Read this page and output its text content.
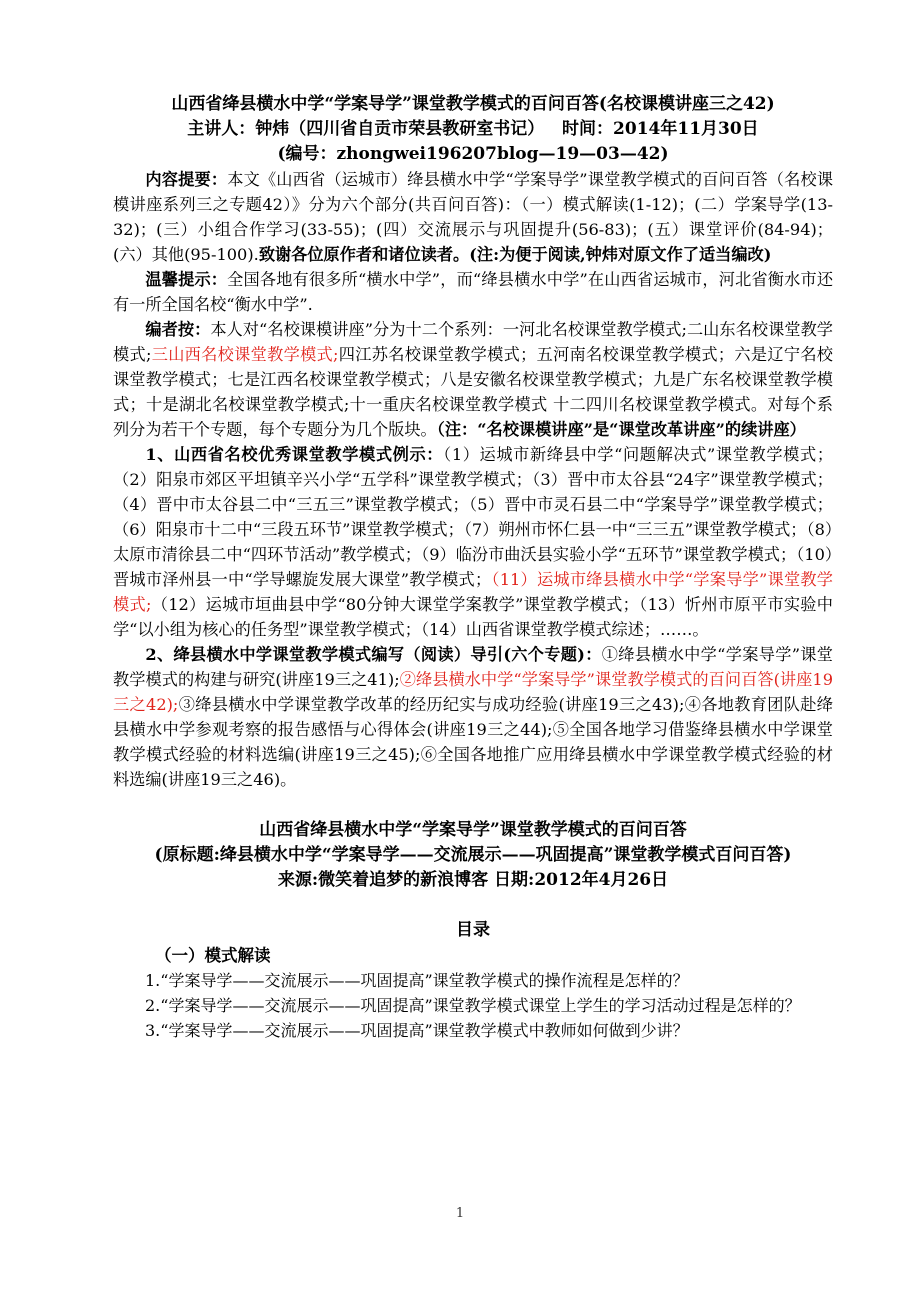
山西省绛县横水中学“学案导学”课堂教学模式的百问百答(名校课模讲座三之42)
主讲人：钟炜（四川省自贡市荣县教研室书记）   时间：2014年11月30日
(编号：zhongwei196207blog—19—03—42)

内容提要：本文《山西省（运城市）绛县横水中学“学案导学”课堂教学模式的百问百答（名校课模讲座系列三之专题42）》分为六个部分(共百问百答)：（一）模式解读(1-12)；(二）学案导学(13-32)；(三）小组合作学习(33-55)；(四）交流展示与巩固提升(56-83)；(五）课堂评价(84-94)；(六）其他(95-100).致谢各位原作者和诸位读者。(注:为便于阅读,钟炜对原文作了适当编改)

温馨提示：全国各地有很多所“横水中学”，而“绛县横水中学”在山西省运城市，河北省衡水市还有一所全国名校“衡水中学”.

编者按：本人对“名校课模讲座”分为十二个系列：一河北名校课堂教学模式;二山东名校课堂教学模式;三山西名校课堂教学模式;四江苏名校课堂教学模式；五河南名校课堂教学模式；六是辽宁名校课堂教学模式；七是江西名校课堂教学模式；八是安徽名校课堂教学模式；九是广东名校课堂教学模式；十是湖北名校课堂教学模式;十一重庆名校课堂教学模式 十二四川名校课堂教学模式。对每个系列分为若干个专题，每个专题分为几个版块。（注：“名校课模讲座”是“课堂改革讲座”的续讲座）

1、山西省名校优秀课堂教学模式例示：（1）运城市新绛县中学“问题解决式”课堂教学模式；（2）阳泉市郊区平坦镇辛兴小学“五学科”课堂教学模式；（3）晋中市太谷县“24字”课堂教学模式；（4）晋中市太谷县二中“三五三”课堂教学模式；（5）晋中市灵石县二中“学案导学”课堂教学模式；（6）阳泉市十二中“三段五环节”课堂教学模式；（7）朔州市怀仁县一中“三三五”课堂教学模式；（8）太原市清徐县二中“四环节活动”教学模式；（9）临汾市曲沃县实验小学“五环节”课堂教学模式；（10）晋城市泽州县一中“学导螺旋发展大课堂”教学模式；（11）运城市绛县横水中学“学案导学”课堂教学模式;（12）运城市垣曲县中学“80分钟大课堂学案教学”课堂教学模式；（13）忻州市原平市实验中学“以小组为核心的任务型”课堂教学模式；（14）山西省课堂教学模式综述；……。

2、绛县横水中学课堂教学模式编写（阅读）导引(六个专题)：①绛县横水中学“学案导学”课堂教学模式的构建与研究(讲座19三之41);②绛县横水中学“学案导学”课堂教学模式的百问百答(讲座19三之42);③绛县横水中学课堂教学改革的经历纪实与成功经验(讲座19三之43);④各地教育团队赴绛县横水中学参观考察的报告感悟与心得体会(讲座19三之44);⑤全国各地学习借鉴绛县横水中学课堂教学模式经验的材料选编(讲座19三之45);⑥全国各地推广应用绛县横水中学课堂教学模式经验的材料选编(讲座19三之46)。

山西省绛县横水中学“学案导学”课堂教学模式的百问百答
(原标题:绛县横水中学“学案导学——交流展示——巩固提高”课堂教学模式百问百答)
来源:微笑着追梦的新浪博客 日期:2012年4月26日
目录
（一）模式解读

1.“学案导学——交流展示——巩固提高”课堂教学模式的操作流程是怎样的？

2.“学案导学——交流展示——巩固提高”课堂教学模式课堂上学生的学习活动过程是怎样的？

3.“学案导学——交流展示——巩固提高”课堂教学模式中教师如何做到少讲？

1
